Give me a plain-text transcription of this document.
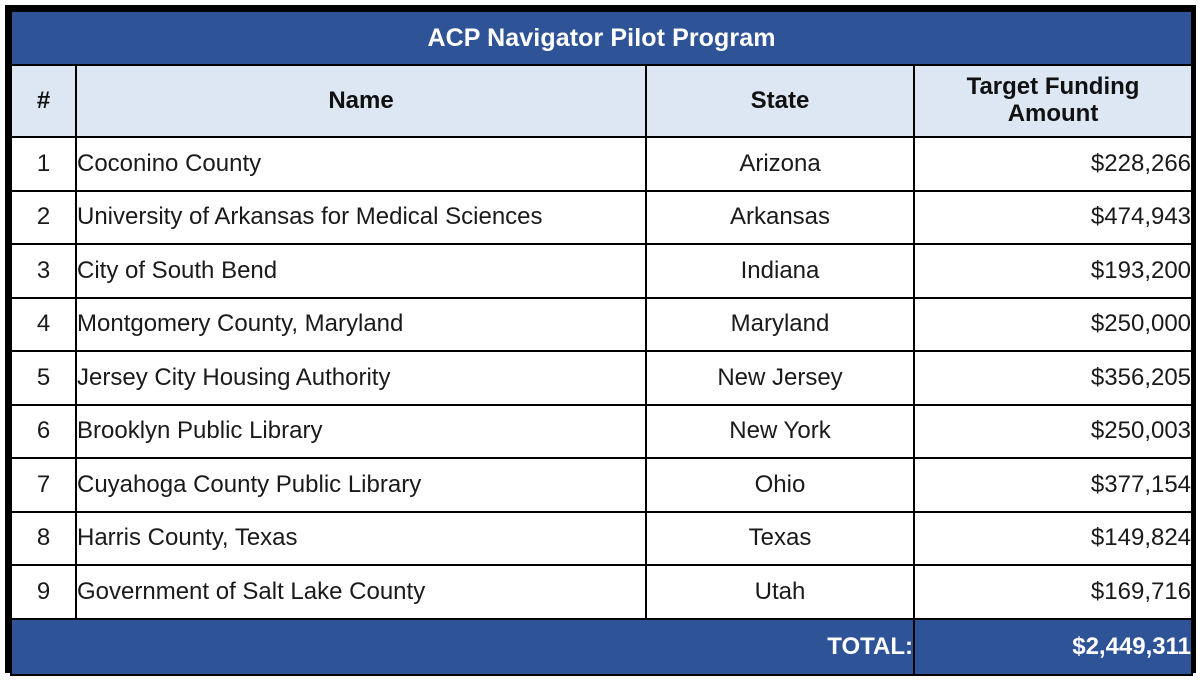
ACP Navigator Pilot Program			
#	Name	State	Target Funding
Amount
1	Coconino County	Arizona	$228,266
2	University of Arkansas for Medical Sciences	Arkansas	$474,943
3	City of South Bend	Indiana	$193,200
4	Montgomery County, Maryland	Maryland	$250,000
5	Jersey City Housing Authority	New Jersey	$356,205
6	Brooklyn Public Library	New York	$250,003
7	Cuyahoga County Public Library	Ohio	$377,154
8	Harris County, Texas	Texas	$149,824
9	Government of Salt Lake County	Utah	$169,716
TOTAL:			$2,449,311
